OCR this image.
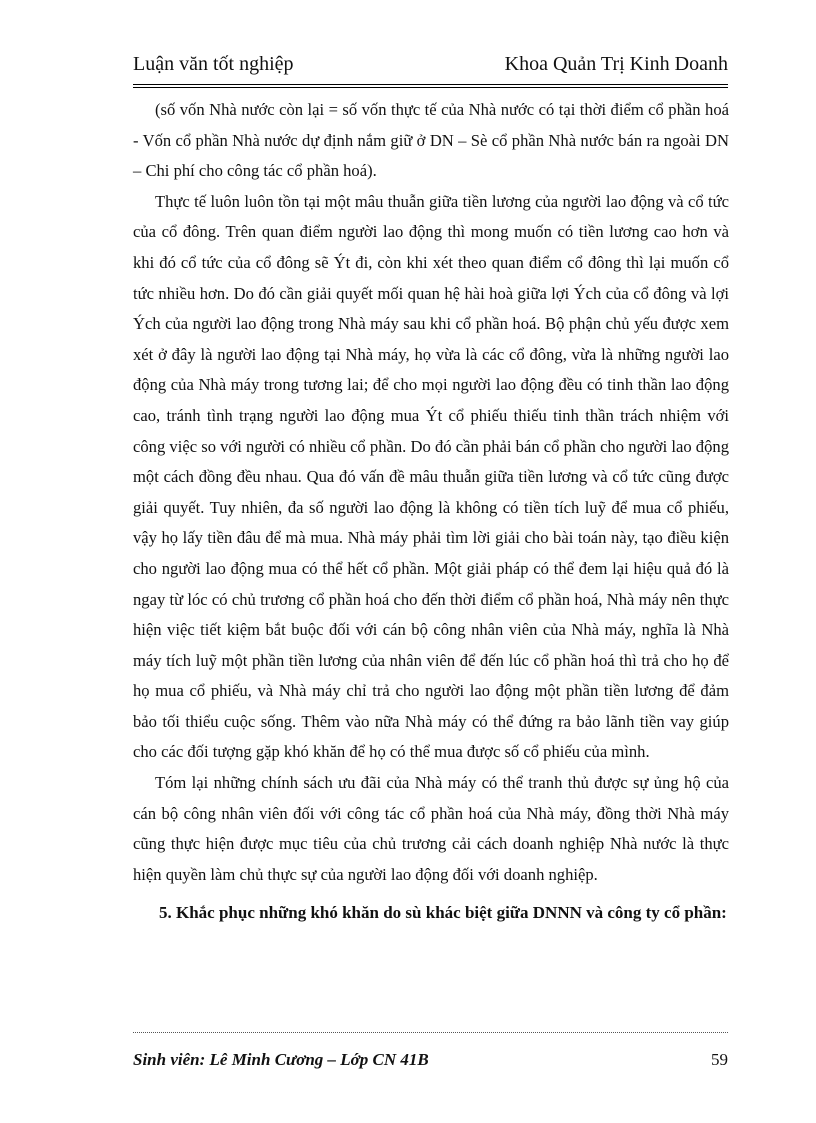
Luận văn tốt nghiệp	Khoa Quản Trị Kinh Doanh

(số vốn Nhà nước còn lại = số vốn thực tế của Nhà nước có tại thời điểm cổ phần hoá - Vốn cổ phần Nhà nước dự định nắm giữ ở DN – Sè cổ phần Nhà nước bán ra ngoài DN – Chi phí cho công tác cổ phần hoá).

Thực tế luôn luôn tồn tại một mâu thuẫn giữa tiền lương của người lao động và cổ tức của cổ đông. Trên quan điểm người lao động thì mong muốn có tiền lương cao hơn và khi đó cổ tức của cổ đông sẽ Ýt đi, còn khi xét theo quan điểm cổ đông thì lại muốn cổ tức nhiều hơn. Do đó cần giải quyết mối quan hệ hài hoà giữa lợi Ých của cổ đông và lợi Ých của người lao động trong Nhà máy sau khi cổ phần hoá. Bộ phận chủ yếu được xem xét ở đây là người lao động tại Nhà máy, họ vừa là các cổ đông, vừa là những người lao động của Nhà máy trong tương lai; để cho mọi người lao động đều có tinh thần lao động cao, tránh tình trạng người lao động mua Ýt cổ phiếu thiếu tinh thần trách nhiệm với công việc so với người có nhiều cổ phần. Do đó cần phải bán cổ phần cho người lao động một cách đồng đều nhau. Qua đó vấn đề mâu thuẫn giữa tiền lương và cổ tức cũng được giải quyết. Tuy nhiên, đa số người lao động là không có tiền tích luỹ để mua cổ phiếu, vậy họ lấy tiền đâu để mà mua. Nhà máy phải tìm lời giải cho bài toán này, tạo điều kiện cho người lao động mua có thể hết cổ phần. Một giải pháp có thể đem lại hiệu quả đó là ngay từ lóc có chủ trương cổ phần hoá cho đến thời điểm cổ phần hoá, Nhà máy nên thực hiện việc tiết kiệm bắt buộc đối với cán bộ công nhân viên của Nhà máy, nghĩa là Nhà máy tích luỹ một phần tiền lương của nhân viên để đến lúc cổ phần hoá thì trả cho họ để họ mua cổ phiếu, và Nhà máy chỉ trả cho người lao động một phần tiền lương để đảm bảo tối thiểu cuộc sống. Thêm vào nữa Nhà máy có thể đứng ra bảo lãnh tiền vay giúp cho các đối tượng gặp khó khăn để họ có thể mua được số cổ phiếu của mình.

Tóm lại những chính sách ưu đãi của Nhà máy có thể tranh thủ được sự ủng hộ của cán bộ công nhân viên đối với công tác cổ phần hoá của Nhà máy, đồng thời Nhà máy cũng thực hiện được mục tiêu của chủ trương cải cách doanh nghiệp Nhà nước là thực hiện quyền làm chủ thực sự của người lao động đối với doanh nghiệp.

5. Khắc phục những khó khăn do sù khác biệt giữa DNNN và công ty cổ phần:
Sinh viên: Lê Minh Cương – Lớp CN 41B	59
